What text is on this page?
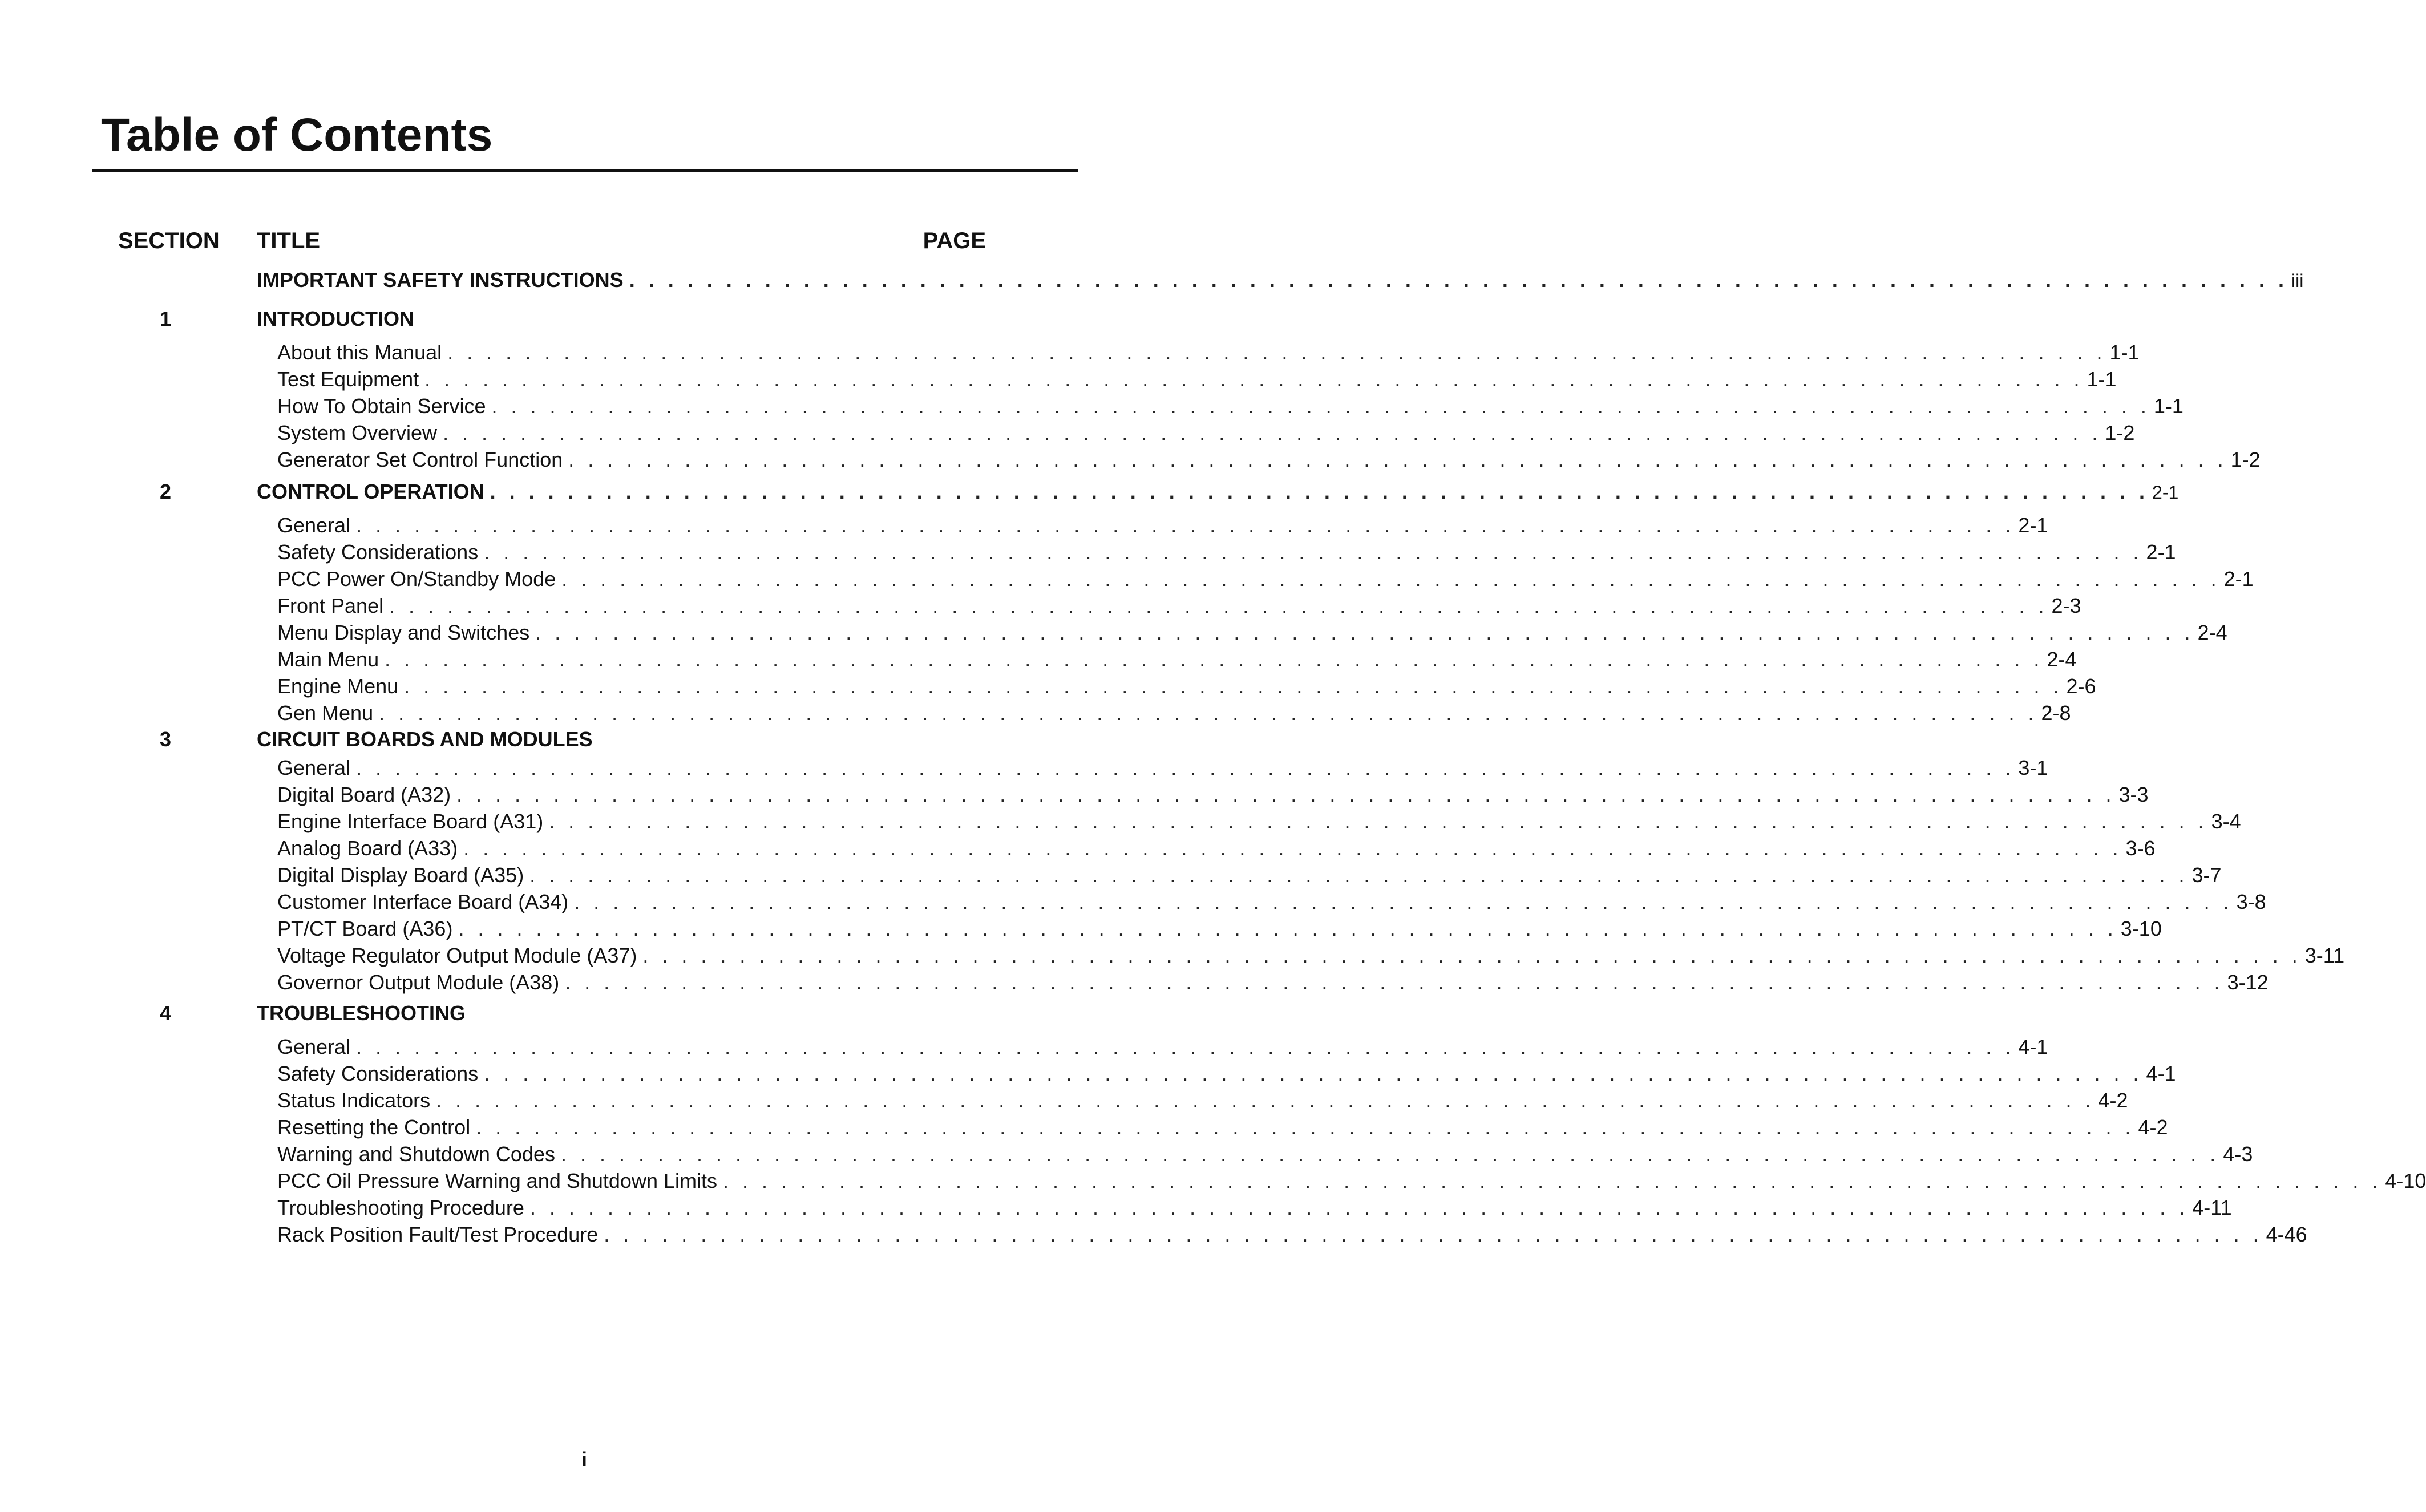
Table of Contents
SECTION TITLE	PAGE
IMPORTANT SAFETY INSTRUCTIONS . . . . . . . . . . . . . . . . . . . . . . . . . . . . . . . . . . . . . . . . . . . . . . . . . . . . . . . . . . . . . . . . . . . . . . . . . . . . . . . . . . . . . . iii
1	INTRODUCTION
About this Manual . . . . . . . . . . . . . . . . . . . . . . . . . . . . . . . . . . . . . . . . . . . . . . . . . . . . . . . . . . . . . . . . . . . . . . . . . . . . . . . . . . . . . . 1-1
Test Equipment . . . . . . . . . . . . . . . . . . . . . . . . . . . . . . . . . . . . . . . . . . . . . . . . . . . . . . . . . . . . . . . . . . . . . . . . . . . . . . . . . . . . . . 1-1
How To Obtain Service . . . . . . . . . . . . . . . . . . . . . . . . . . . . . . . . . . . . . . . . . . . . . . . . . . . . . . . . . . . . . . . . . . . . . . . . . . . . . . . . . . . . . . 1-1
System Overview . . . . . . . . . . . . . . . . . . . . . . . . . . . . . . . . . . . . . . . . . . . . . . . . . . . . . . . . . . . . . . . . . . . . . . . . . . . . . . . . . . . . . . 1-2
Generator Set Control Function . . . . . . . . . . . . . . . . . . . . . . . . . . . . . . . . . . . . . . . . . . . . . . . . . . . . . . . . . . . . . . . . . . . . . . . . . . . . . . . . . . . . . . 1-2
2	CONTROL OPERATION . . . . . . . . . . . . . . . . . . . . . . . . . . . . . . . . . . . . . . . . . . . . . . . . . . . . . . . . . . . . . . . . . . . . . . . . . . . . . . . . . . . . . . 2-1
General . . . . . . . . . . . . . . . . . . . . . . . . . . . . . . . . . . . . . . . . . . . . . . . . . . . . . . . . . . . . . . . . . . . . . . . . . . . . . . . . . . . . . . 2-1
Safety Considerations . . . . . . . . . . . . . . . . . . . . . . . . . . . . . . . . . . . . . . . . . . . . . . . . . . . . . . . . . . . . . . . . . . . . . . . . . . . . . . . . . . . . . . 2-1
PCC Power On/Standby Mode . . . . . . . . . . . . . . . . . . . . . . . . . . . . . . . . . . . . . . . . . . . . . . . . . . . . . . . . . . . . . . . . . . . . . . . . . . . . . . . . . . . . . . 2-1
Front Panel . . . . . . . . . . . . . . . . . . . . . . . . . . . . . . . . . . . . . . . . . . . . . . . . . . . . . . . . . . . . . . . . . . . . . . . . . . . . . . . . . . . . . . 2-3
Menu Display and Switches . . . . . . . . . . . . . . . . . . . . . . . . . . . . . . . . . . . . . . . . . . . . . . . . . . . . . . . . . . . . . . . . . . . . . . . . . . . . . . . . . . . . . . 2-4
Main Menu . . . . . . . . . . . . . . . . . . . . . . . . . . . . . . . . . . . . . . . . . . . . . . . . . . . . . . . . . . . . . . . . . . . . . . . . . . . . . . . . . . . . . . 2-4
Engine Menu . . . . . . . . . . . . . . . . . . . . . . . . . . . . . . . . . . . . . . . . . . . . . . . . . . . . . . . . . . . . . . . . . . . . . . . . . . . . . . . . . . . . . . 2-6
Gen Menu . . . . . . . . . . . . . . . . . . . . . . . . . . . . . . . . . . . . . . . . . . . . . . . . . . . . . . . . . . . . . . . . . . . . . . . . . . . . . . . . . . . . . . 2-8
3	CIRCUIT BOARDS AND MODULES
General . . . . . . . . . . . . . . . . . . . . . . . . . . . . . . . . . . . . . . . . . . . . . . . . . . . . . . . . . . . . . . . . . . . . . . . . . . . . . . . . . . . . . . 3-1
Digital Board (A32) . . . . . . . . . . . . . . . . . . . . . . . . . . . . . . . . . . . . . . . . . . . . . . . . . . . . . . . . . . . . . . . . . . . . . . . . . . . . . . . . . . . . . . 3-3
Engine Interface Board (A31) . . . . . . . . . . . . . . . . . . . . . . . . . . . . . . . . . . . . . . . . . . . . . . . . . . . . . . . . . . . . . . . . . . . . . . . . . . . . . . . . . . . . . . 3-4
Analog Board (A33) . . . . . . . . . . . . . . . . . . . . . . . . . . . . . . . . . . . . . . . . . . . . . . . . . . . . . . . . . . . . . . . . . . . . . . . . . . . . . . . . . . . . . . 3-6
Digital Display Board (A35) . . . . . . . . . . . . . . . . . . . . . . . . . . . . . . . . . . . . . . . . . . . . . . . . . . . . . . . . . . . . . . . . . . . . . . . . . . . . . . . . . . . . . . 3-7
Customer Interface Board (A34) . . . . . . . . . . . . . . . . . . . . . . . . . . . . . . . . . . . . . . . . . . . . . . . . . . . . . . . . . . . . . . . . . . . . . . . . . . . . . . . . . . . . . . 3-8
PT/CT Board (A36) . . . . . . . . . . . . . . . . . . . . . . . . . . . . . . . . . . . . . . . . . . . . . . . . . . . . . . . . . . . . . . . . . . . . . . . . . . . . . . . . . . . . . . 3-10
Voltage Regulator Output Module (A37) . . . . . . . . . . . . . . . . . . . . . . . . . . . . . . . . . . . . . . . . . . . . . . . . . . . . . . . . . . . . . . . . . . . . . . . . . . . . . . . . . . . . . . 3-11
Governor Output Module (A38) . . . . . . . . . . . . . . . . . . . . . . . . . . . . . . . . . . . . . . . . . . . . . . . . . . . . . . . . . . . . . . . . . . . . . . . . . . . . . . . . . . . . . . 3-12
4	TROUBLESHOOTING
General . . . . . . . . . . . . . . . . . . . . . . . . . . . . . . . . . . . . . . . . . . . . . . . . . . . . . . . . . . . . . . . . . . . . . . . . . . . . . . . . . . . . . . 4-1
Safety Considerations . . . . . . . . . . . . . . . . . . . . . . . . . . . . . . . . . . . . . . . . . . . . . . . . . . . . . . . . . . . . . . . . . . . . . . . . . . . . . . . . . . . . . . 4-1
Status Indicators . . . . . . . . . . . . . . . . . . . . . . . . . . . . . . . . . . . . . . . . . . . . . . . . . . . . . . . . . . . . . . . . . . . . . . . . . . . . . . . . . . . . . . 4-2
Resetting the Control . . . . . . . . . . . . . . . . . . . . . . . . . . . . . . . . . . . . . . . . . . . . . . . . . . . . . . . . . . . . . . . . . . . . . . . . . . . . . . . . . . . . . . 4-2
Warning and Shutdown Codes . . . . . . . . . . . . . . . . . . . . . . . . . . . . . . . . . . . . . . . . . . . . . . . . . . . . . . . . . . . . . . . . . . . . . . . . . . . . . . . . . . . . . . 4-3
PCC Oil Pressure Warning and Shutdown Limits . . . . . . . . . . . . . . . . . . . . . . . . . . . . . . . . . . . . . . . . . . . . . . . . . . . . . . . . . . . . . . . . . . . . . . . . . . . . . . . . . . . . . . 4-10
Troubleshooting Procedure . . . . . . . . . . . . . . . . . . . . . . . . . . . . . . . . . . . . . . . . . . . . . . . . . . . . . . . . . . . . . . . . . . . . . . . . . . . . . . . . . . . . . . 4-11
Rack Position Fault/Test Procedure . . . . . . . . . . . . . . . . . . . . . . . . . . . . . . . . . . . . . . . . . . . . . . . . . . . . . . . . . . . . . . . . . . . . . . . . . . . . . . . . . . . . . . 4-46
i
